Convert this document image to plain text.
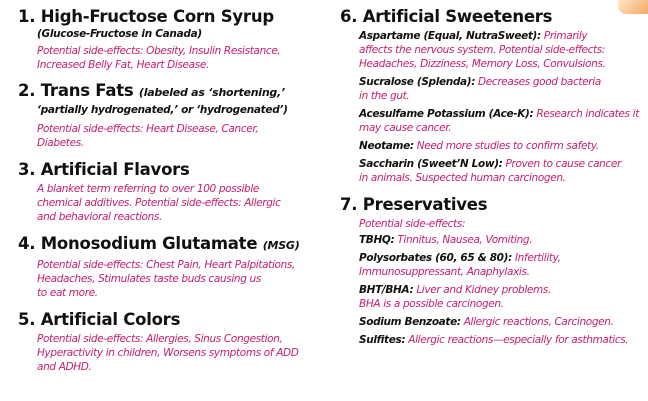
1. High-Fructose Corn Syrup
(Glucose-Fructose in Canada)
Potential side-effects: Obesity, Insulin Resistance,
Increased Belly Fat, Heart Disease.
2. Trans Fats (labeled as ‘shortening,’
‘partially hydrogenated,’ or ‘hydrogenated’)
Potential side-effects: Heart Disease, Cancer,
Diabetes.
3. Artificial Flavors
A blanket term referring to over 100 possible
chemical additives. Potential side-effects: Allergic
and behavioral reactions.
4. Monosodium Glutamate (MSG)
Potential side-effects: Chest Pain, Heart Palpitations,
Headaches, Stimulates taste buds causing us
to eat more.
5. Artificial Colors
Potential side-effects: Allergies, Sinus Congestion,
Hyperactivity in children, Worsens symptoms of ADD
and ADHD.
6. Artificial Sweeteners
Aspartame (Equal, NutraSweet): Primarily
affects the nervous system. Potential side-effects:
Headaches, Dizziness, Memory Loss, Convulsions.
Sucralose (Splenda): Decreases good bacteria
in the gut.
Acesulfame Potassium (Ace-K): Research indicates it
may cause cancer.
Neotame: Need more studies to confirm safety.
Saccharin (Sweet’N Low): Proven to cause cancer
in animals. Suspected human carcinogen.
7. Preservatives
Potential side-effects:
TBHQ: Tinnitus, Nausea, Vomiting.
Polysorbates (60, 65 & 80): Infertility,
Immunosuppressant, Anaphylaxis.
BHT/BHA: Liver and Kidney problems.
BHA is a possible carcinogen.
Sodium Benzoate: Allergic reactions, Carcinogen.
Sulfites: Allergic reactions—especially for asthmatics.
